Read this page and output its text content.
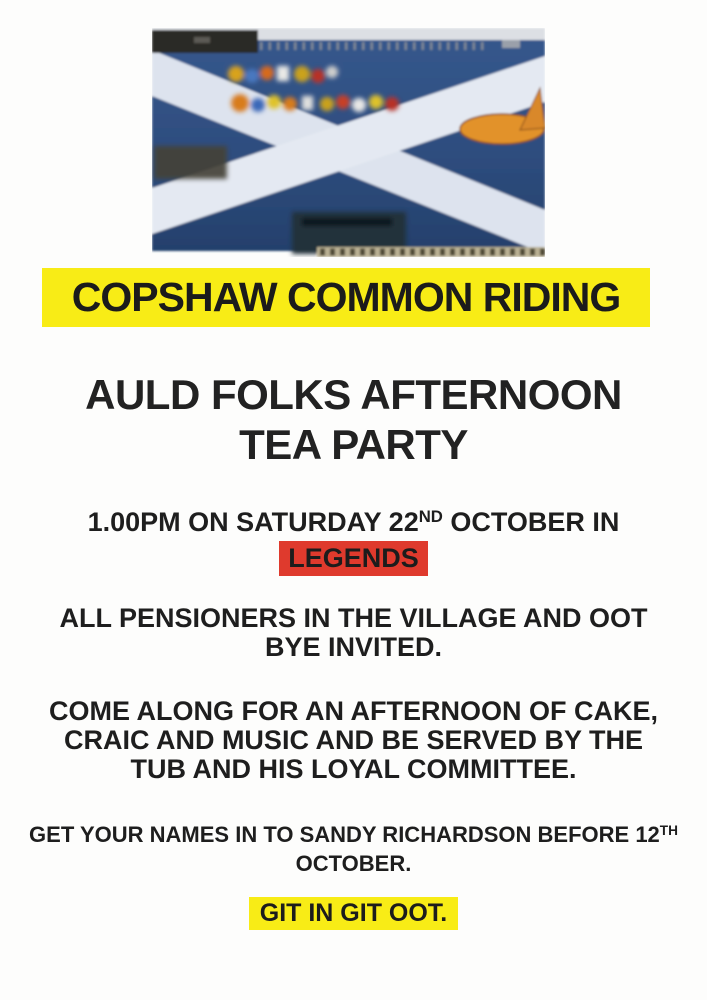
COPSHAW COMMON RIDING
AULD FOLKS AFTERNOON
TEA PARTY
1.00PM ON SATURDAY 22ND OCTOBER IN
LEGENDS
ALL PENSIONERS IN THE VILLAGE AND OOT
BYE INVITED.
COME ALONG FOR AN AFTERNOON OF CAKE,
CRAIC AND MUSIC AND BE SERVED BY THE
TUB AND HIS LOYAL COMMITTEE.
GET YOUR NAMES IN TO SANDY RICHARDSON BEFORE 12TH OCTOBER.
GIT IN GIT OOT.
